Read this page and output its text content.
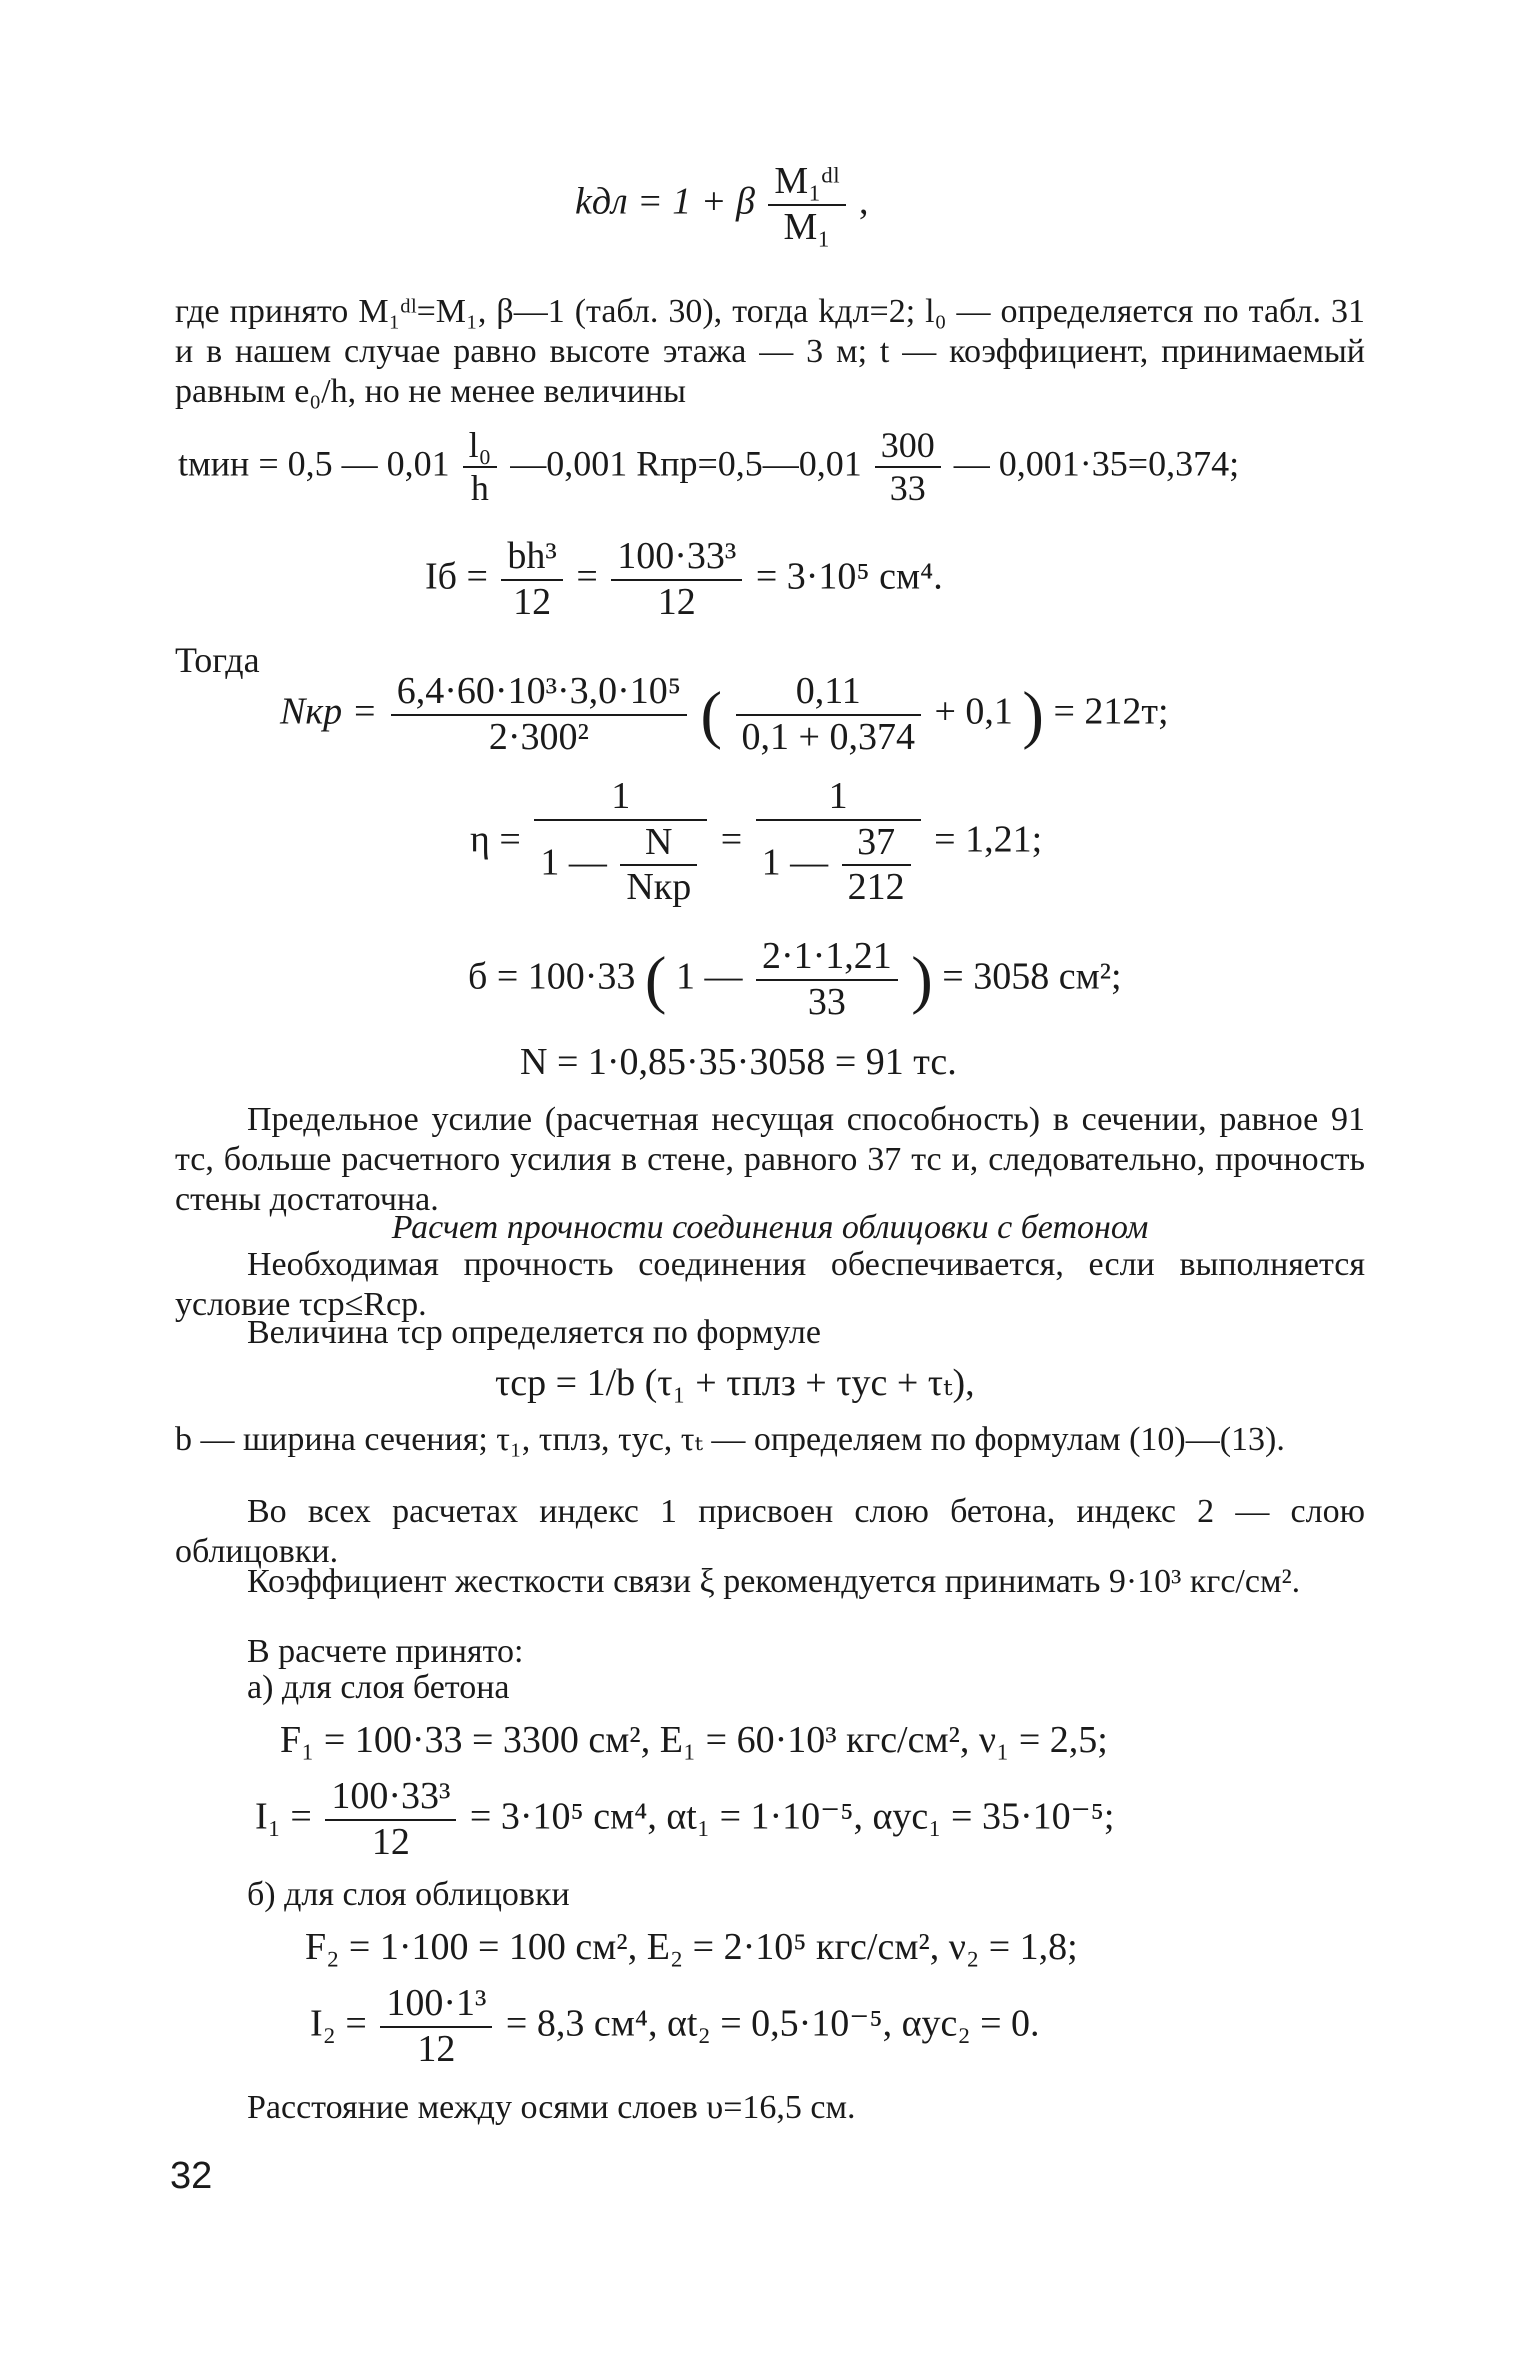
kдл = 1 + β $\frac{\text{M₁ᵈˡ}}{\text{M₁}}$ ,
где принято M₁ᵈˡ=M₁, β—1 (табл. 30), тогда kдл=2; l₀ — определяется по табл. 31 и в нашем случае равно высоте этажа — 3 м; t — коэффициент, принимаемый равным e₀/h, но не менее величины
tмин = 0,5 — $0,01 \frac{\text{l₀}}{h}$ —0,001 Rпр=0,5—0,01 $\frac{300}{33}$ — 0,001·35=0,374;
Iб = $\frac{\text{bh³}}{12} = \frac{\text{100·33³}}{12} = 3\cdot 10^5$ см⁴.
Тогда
Nкр = $\frac{\text{6,4·60·10³·3,0·10⁵}}{\text{2·300²}}$ ( $\frac{0,11}{0,1 + 0,374} + 0,1$ ) = 212т;
$\eta = \frac{1}{1 — \frac{N}{\text{Nкр}}} = \frac{1}{1 — \frac{37}{212}} = 1,21$;
б = 100·33 ( 1 — $\frac{2\cdot 1\cdot 1,21}{33}$ ) = 3058 см²;
N = 1·0,85·35·3058 = 91 тс.
Предельное усилие (расчетная несущая способность) в сечении, равное 91 тс, больше расчетного усилия в стене, равного 37 тс и, следовательно, прочность стены достаточна.
Расчет прочности соединения облицовки с бетоном
Необходимая прочность соединения обеспечивается, если выполняется условие τср≤Rср.
Величина τср определяется по формуле
τср = 1/b (τ₁ + τплз + τус + τₜ),
b — ширина сечения; τ₁, τплз, τус, τₜ — определяем по формулам (10)—(13).
Во всех расчетах индекс 1 присвоен слою бетона, индекс 2 — слою облицовки.
Коэффициент жесткости связи ξ рекомендуется принимать 9·10³ кгс/см².
В расчете принято:
а) для слоя бетона
F₁ = 100·33 = 3300 см², E₁ = 60·10³ кгс/см², ν₁ = 2,5;
$I_1 = \frac{\text{100·33³}}{12} = 3\cdot 10^5$ см⁴, αt₁ = 1·10⁻⁵, αус₁ = 35·10⁻⁵;
б) для слоя облицовки
F₂ = 1·100 = 100 см², E₂ = 2·10⁵ кгс/см², ν₂ = 1,8;
$I_2 = \frac{\text{100·1³}}{12} = 8,3$ см⁴, αt₂ = 0,5·10⁻⁵, αус₂ = 0.
Расстояние между осями слоев υ=16,5 см.
32
